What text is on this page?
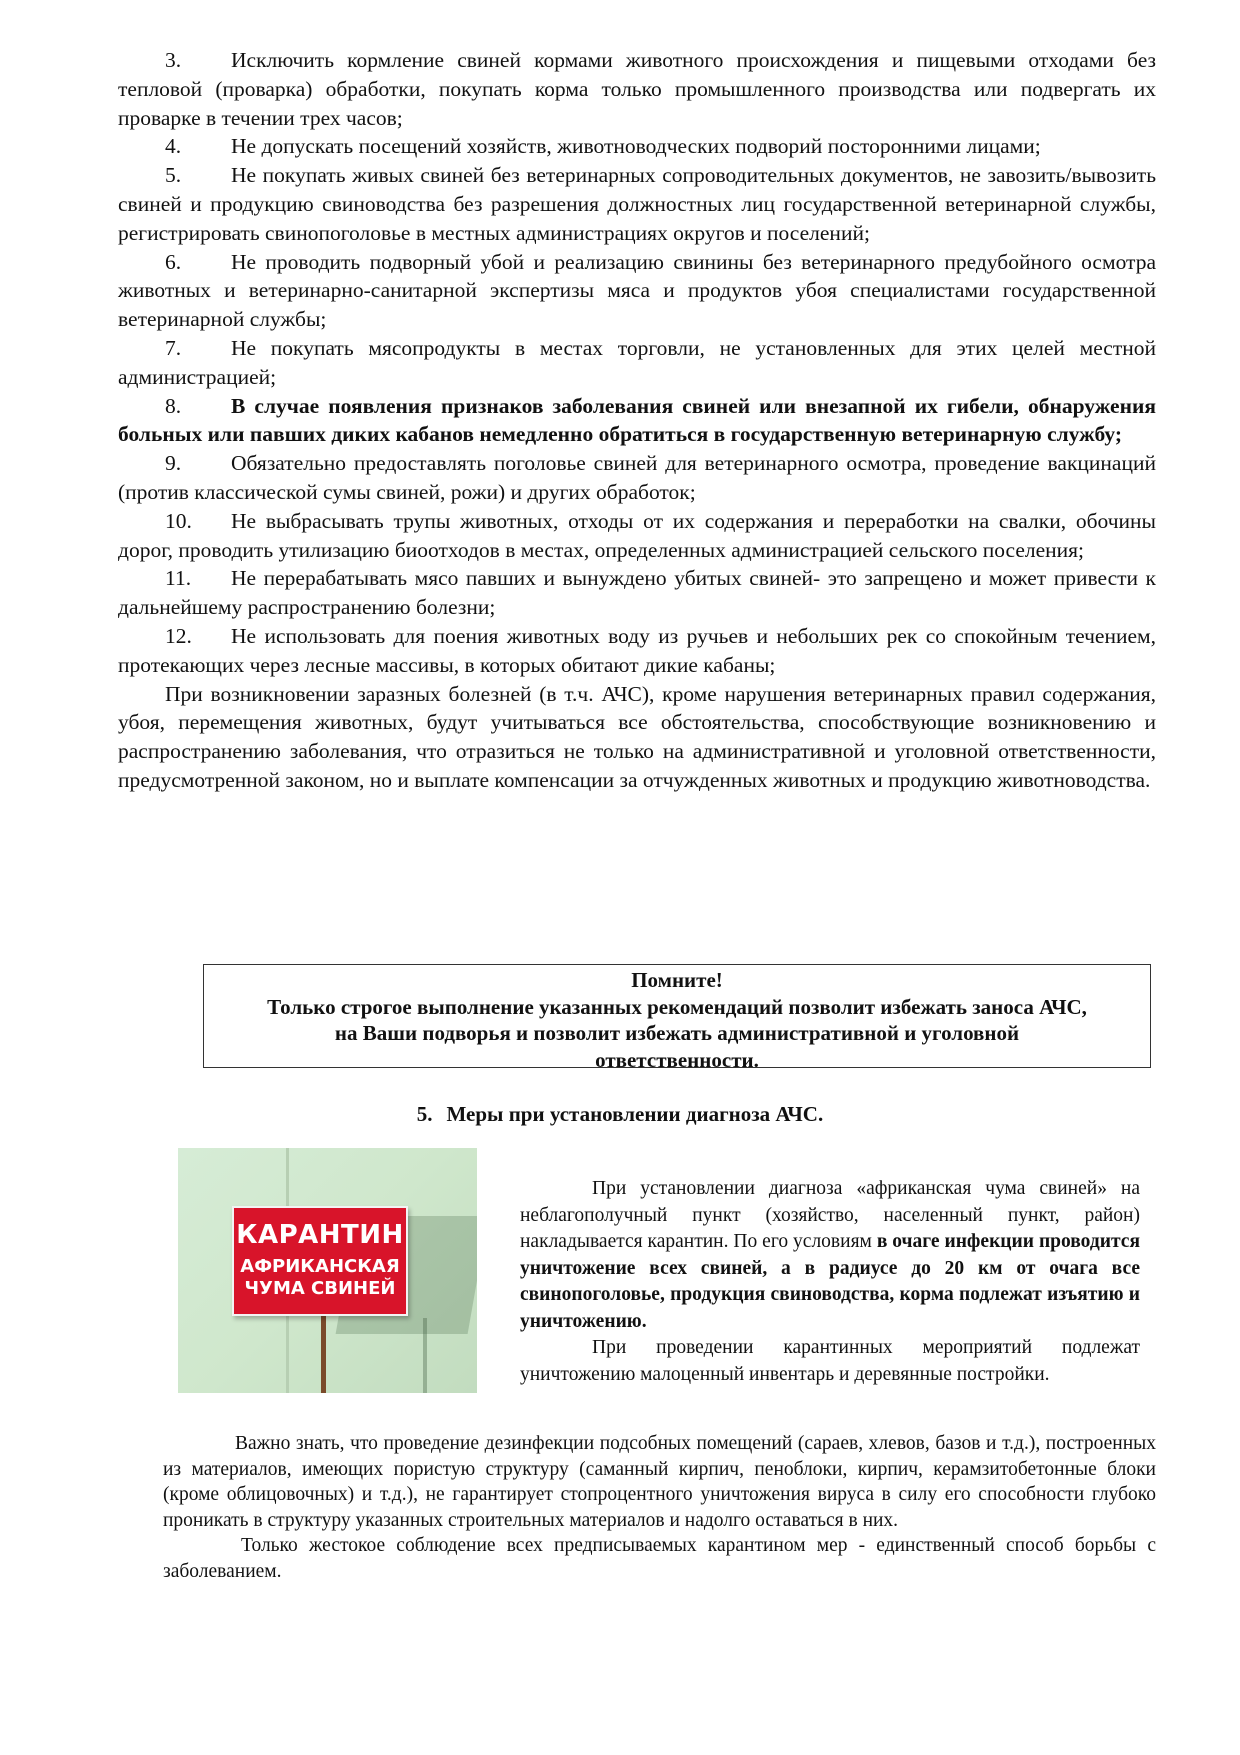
3. Исключить кормление свиней кормами животного происхождения и пищевыми отходами без тепловой (проварка) обработки, покупать корма только промышленного производства или подвергать их проварке в течении трех часов;

4. Не допускать посещений хозяйств, животноводческих подворий посторонними лицами;

5. Не покупать живых свиней без ветеринарных сопроводительных документов, не завозить/вывозить свиней и продукцию свиноводства без разрешения должностных лиц государственной ветеринарной службы, регистрировать свинопоголовье в местных администрациях округов и поселений;

6. Не проводить подворный убой и реализацию свинины без ветеринарного предубойного осмотра животных и ветеринарно-санитарной экспертизы мяса и продуктов убоя специалистами государственной ветеринарной службы;

7. Не покупать мясопродукты в местах торговли, не установленных для этих целей местной администрацией;

8. В случае появления признаков заболевания свиней или внезапной их гибели, обнаружения больных или павших диких кабанов немедленно обратиться в государственную ветеринарную службу;

9. Обязательно предоставлять поголовье свиней для ветеринарного осмотра, проведение вакцинаций (против классической сумы свиней, рожи) и других обработок;

10. Не выбрасывать трупы животных, отходы от их содержания и переработки на свалки, обочины дорог, проводить утилизацию биоотходов в местах, определенных администрацией сельского поселения;

11. Не перерабатывать мясо павших и вынуждено убитых свиней- это запрещено и может привести к дальнейшему распространению болезни;

12. Не использовать для поения животных воду из ручьев и небольших рек со спокойным течением, протекающих через лесные массивы, в которых обитают дикие кабаны;

При возникновении заразных болезней (в т.ч. АЧС), кроме нарушения ветеринарных правил содержания, убоя, перемещения животных, будут учитываться все обстоятельства, способствующие возникновению и распространению заболевания, что отразиться не только на административной и уголовной ответственности, предусмотренной законом, но и выплате компенсации за отчужденных животных и продукцию животноводства.

Помните!
Только строгое выполнение указанных рекомендаций позволит избежать заноса АЧС,
на Ваши подворья и позволит избежать административной и уголовной
ответственности.
5. Меры при установлении диагноза АЧС.
КАРАНТИН
АФРИКАНСКАЯ
ЧУМА СВИНЕЙ

При установлении диагноза «африканская чума свиней» на неблагополучный пункт (хозяйство, населенный пункт, район) накладывается карантин. По его условиям в очаге инфекции проводится уничтожение всех свиней, а в радиусе до 20 км от очага все свинопоголовье, продукция свиноводства, корма подлежат изъятию и уничтожению.

При проведении карантинных мероприятий подлежат уничтожению малоценный инвентарь и деревянные постройки.

Важно знать, что проведение дезинфекции подсобных помещений (сараев, хлевов, базов и т.д.), построенных из материалов, имеющих пористую структуру (саманный кирпич, пеноблоки, кирпич, керамзитобетонные блоки (кроме облицовочных) и т.д.), не гарантирует стопроцентного уничтожения вируса в силу его способности глубоко проникать в структуру указанных строительных материалов и надолго оставаться в них.

Только жестокое соблюдение всех предписываемых карантином мер - единственный способ борьбы с заболеванием.
